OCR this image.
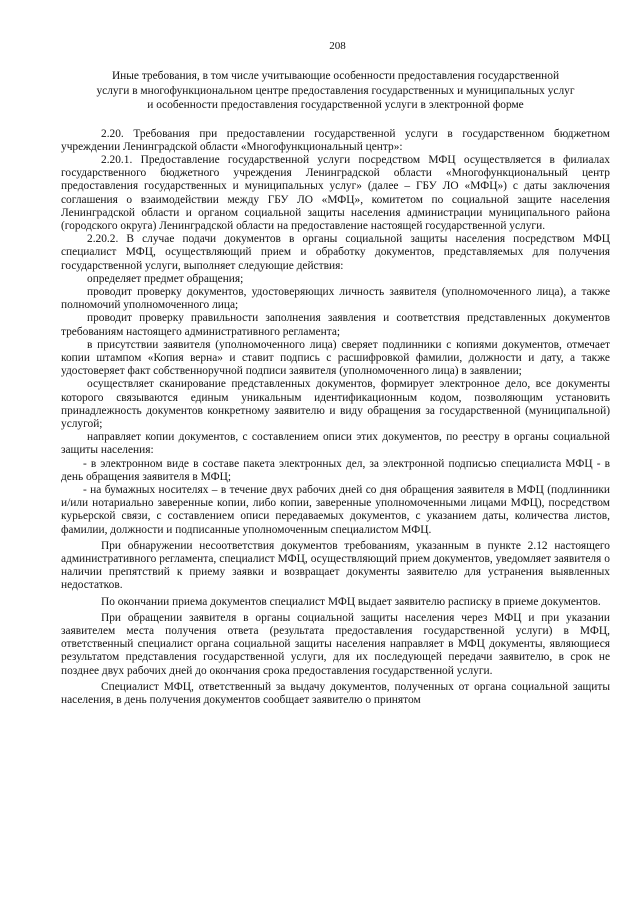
208
Иные требования, в том числе учитывающие особенности предоставления государственной
услуги в многофункциональном центре предоставления государственных и муниципальных услуг
и особенности предоставления государственной услуги в электронной форме

2.20. Требования при предоставлении государственной услуги в государственном бюджетном учреждении Ленинградской области «Многофункциональный центр»:

2.20.1. Предоставление государственной услуги посредством МФЦ осуществляется в филиалах государственного бюджетного учреждения Ленинградской области «Многофункциональный центр предоставления государственных и муниципальных услуг» (далее – ГБУ ЛО «МФЦ») с даты заключения соглашения о взаимодействии между ГБУ ЛО «МФЦ», комитетом по социальной защите населения Ленинградской области и органом социальной защиты населения администрации муниципального района (городского округа) Ленинградской области на предоставление настоящей государственной услуги.

2.20.2. В случае подачи документов в органы социальной защиты населения посредством МФЦ специалист МФЦ, осуществляющий прием и обработку документов, представляемых для получения государственной услуги, выполняет следующие действия:

определяет предмет обращения;

проводит проверку документов, удостоверяющих личность заявителя (уполномоченного лица), а также полномочий уполномоченного лица;

проводит проверку правильности заполнения заявления и соответствия представленных документов требованиям настоящего административного регламента;

в присутствии заявителя (уполномоченного лица) сверяет подлинники с копиями документов, отмечает копии штампом «Копия верна» и ставит подпись с расшифровкой фамилии, должности и дату, а также удостоверяет факт собственноручной подписи заявителя (уполномоченного лица) в заявлении;

осуществляет сканирование представленных документов, формирует электронное дело, все документы которого связываются единым уникальным идентификационным кодом, позволяющим установить принадлежность документов конкретному заявителю и виду обращения за государственной (муниципальной) услугой;

направляет копии документов, с составлением описи этих документов, по реестру в органы социальной защиты населения:

- в электронном виде в составе пакета электронных дел, за электронной подписью специалиста МФЦ - в день обращения заявителя в МФЦ;

- на бумажных носителях – в течение двух рабочих дней со дня обращения заявителя в МФЦ (подлинники и/или нотариально заверенные копии, либо копии, заверенные уполномоченными лицами МФЦ), посредством курьерской связи, с составлением описи передаваемых документов, с указанием даты, количества листов, фамилии, должности и подписанные уполномоченным специалистом МФЦ.

При обнаружении несоответствия документов требованиям, указанным в пункте 2.12 настоящего административного регламента, специалист МФЦ, осуществляющий прием документов, уведомляет заявителя о наличии препятствий к приему заявки и возвращает документы заявителю для устранения выявленных недостатков.

По окончании приема документов специалист МФЦ выдает заявителю расписку в приеме документов.

При обращении заявителя в органы социальной защиты населения через МФЦ и при указании заявителем места получения ответа (результата предоставления государственной услуги) в МФЦ, ответственный специалист органа социальной защиты населения направляет в МФЦ документы, являющиеся результатом представления государственной услуги, для их последующей передачи заявителю, в срок не позднее двух рабочих дней до окончания срока предоставления государственной услуги.

Специалист МФЦ, ответственный за выдачу документов, полученных от органа социальной защиты населения, в день получения документов сообщает заявителю о принятом
